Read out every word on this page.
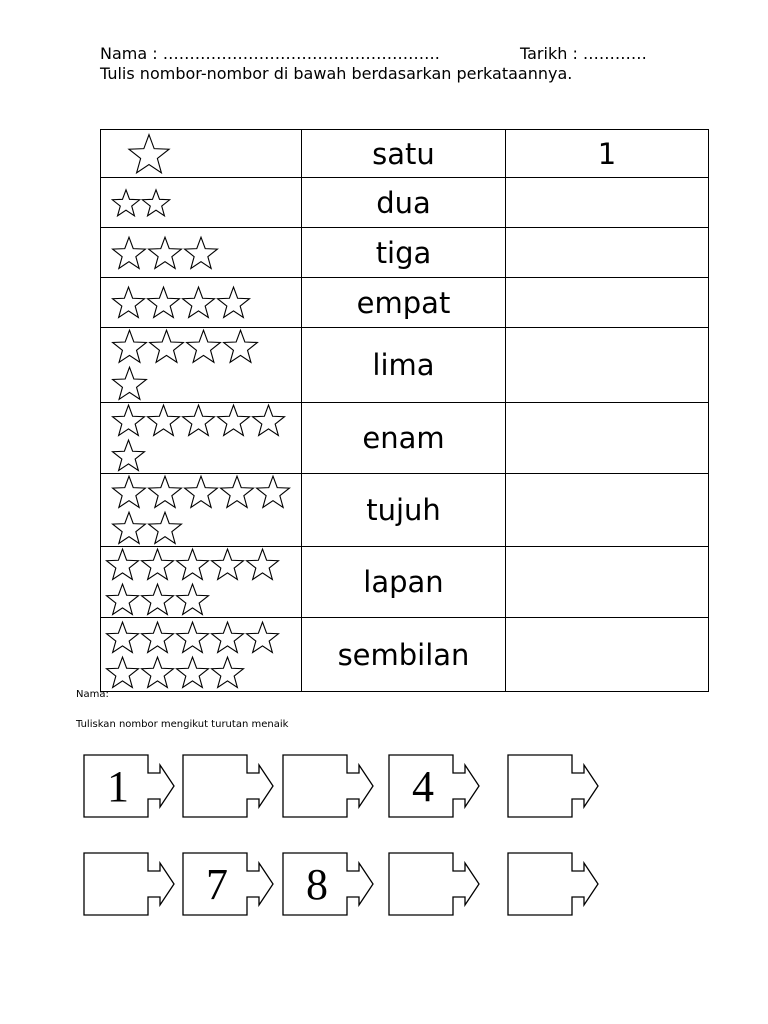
Nama : …………………………………………….	Tarikh : …………
Tulis nombor-nombor di bawah berdasarkan perkataannya.
	satu	1

	dua	

	tiga	

	empat	

	lima	

	enam	

	tujuh	

	lapan	

	sembilan	
Nama:
Tuliskan nombor mengikut turutan menaik
1	4
7	8
